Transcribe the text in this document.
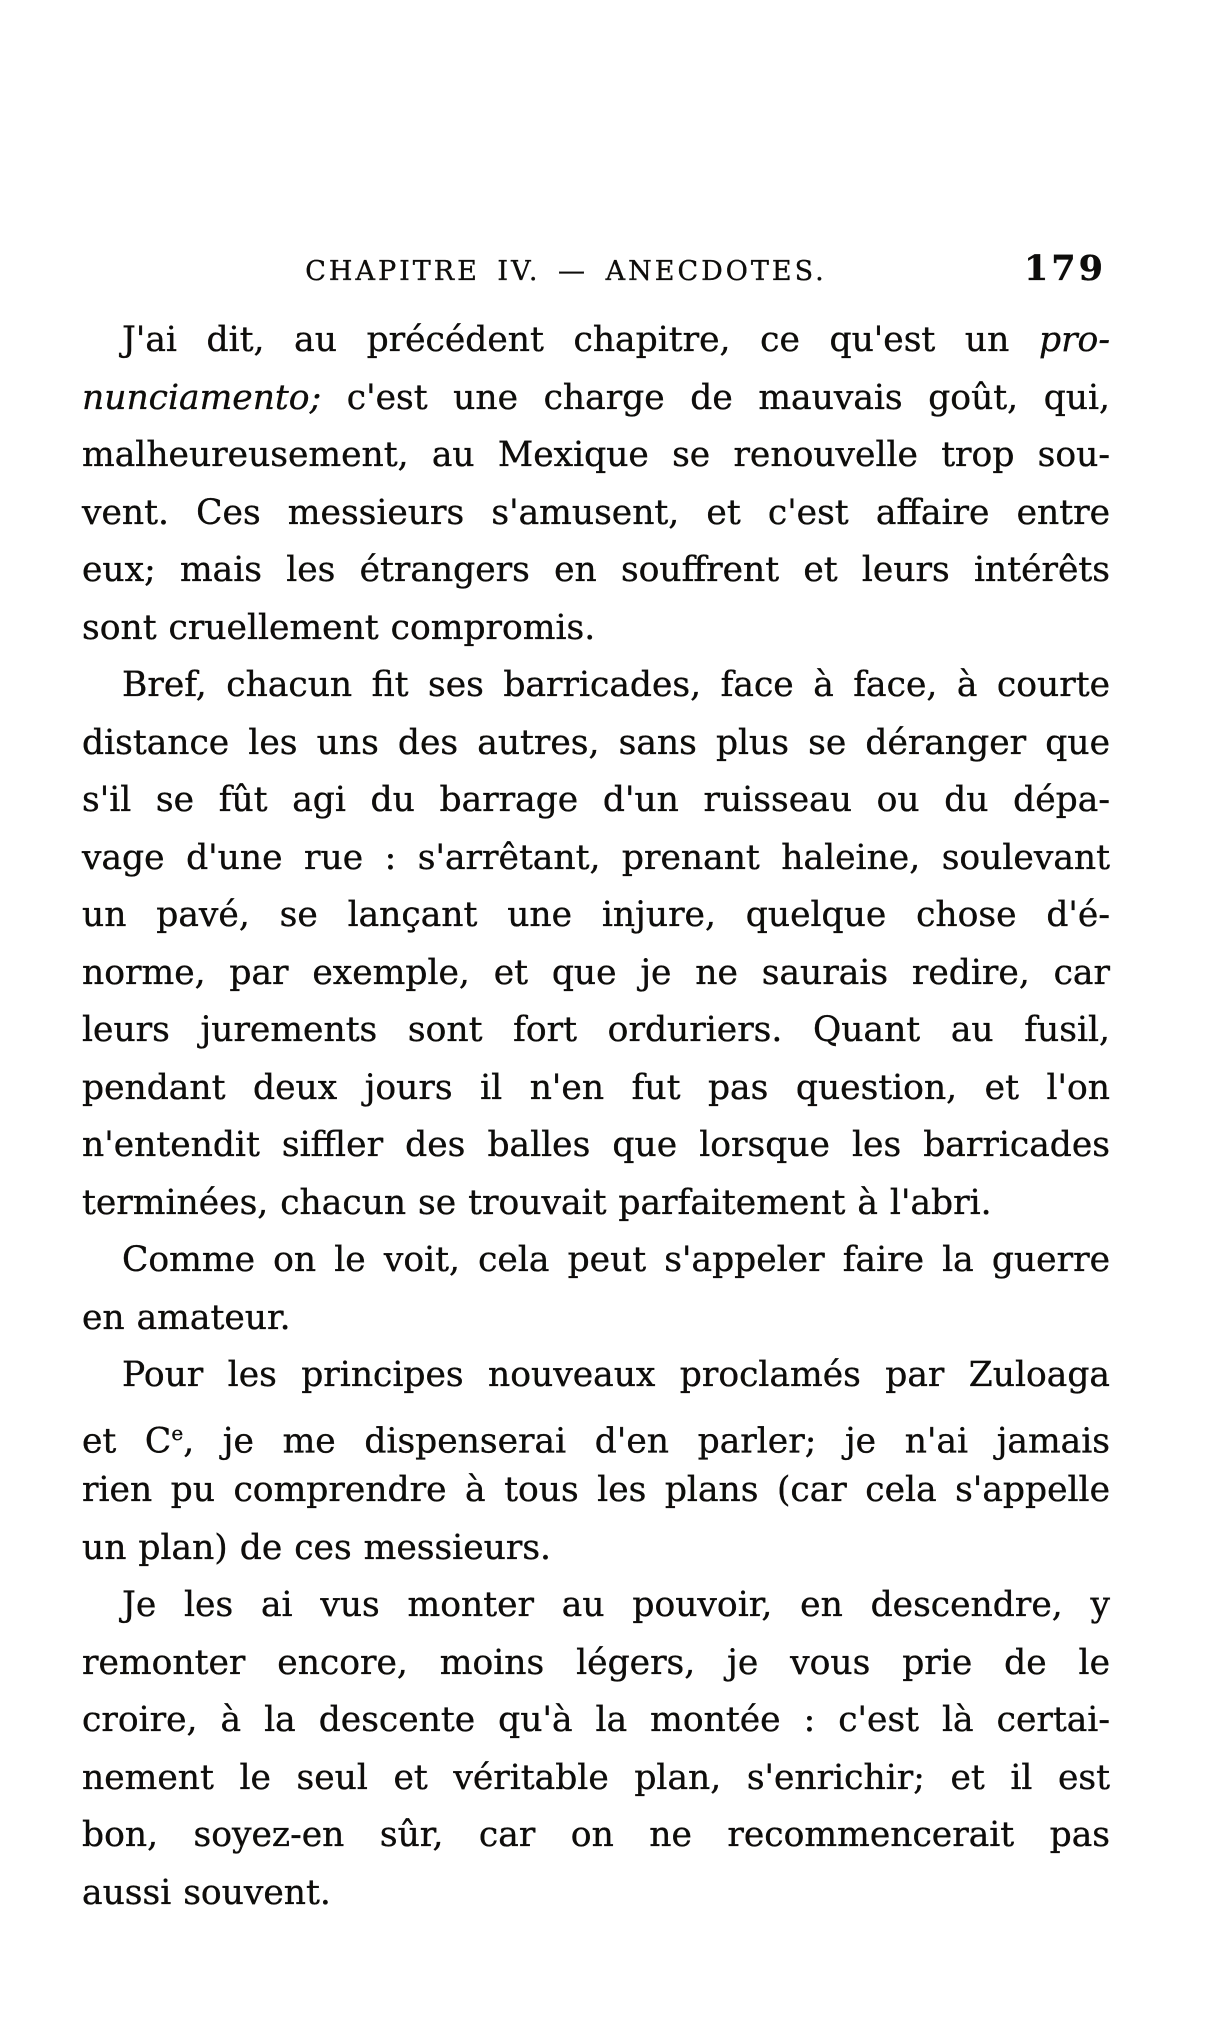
CHAPITRE IV. — ANECDOTES.	179
J'ai dit, au précédent chapitre, ce qu'est un pro-
nunciamento; c'est une charge de mauvais goût, qui,
malheureusement, au Mexique se renouvelle trop sou-
vent. Ces messieurs s'amusent, et c'est affaire entre
eux; mais les étrangers en souffrent et leurs intérêts
sont cruellement compromis.
Bref, chacun fit ses barricades, face à face, à courte
distance les uns des autres, sans plus se déranger que
s'il se fût agi du barrage d'un ruisseau ou du dépa-
vage d'une rue : s'arrêtant, prenant haleine, soulevant
un pavé, se lançant une injure, quelque chose d'é-
norme, par exemple, et que je ne saurais redire, car
leurs jurements sont fort orduriers. Quant au fusil,
pendant deux jours il n'en fut pas question, et l'on
n'entendit siffler des balles que lorsque les barricades
terminées, chacun se trouvait parfaitement à l'abri.
Comme on le voit, cela peut s'appeler faire la guerre
en amateur.
Pour les principes nouveaux proclamés par Zuloaga
et Ce, je me dispenserai d'en parler; je n'ai jamais
rien pu comprendre à tous les plans (car cela s'appelle
un plan) de ces messieurs.
Je les ai vus monter au pouvoir, en descendre, y
remonter encore, moins légers, je vous prie de le
croire, à la descente qu'à la montée : c'est là certai-
nement le seul et véritable plan, s'enrichir; et il est
bon, soyez-en sûr, car on ne recommencerait pas
aussi souvent.
